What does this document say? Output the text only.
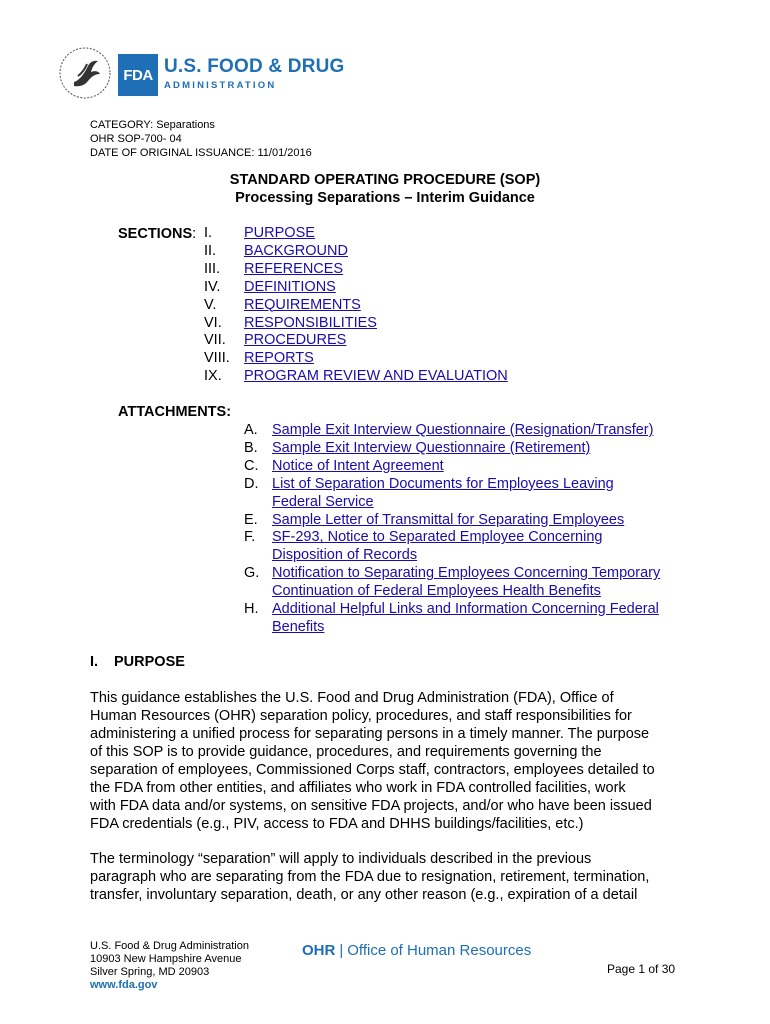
FDA U.S. FOOD & DRUG
ADMINISTRATION
CATEGORY: Separations
OHR SOP-700- 04
DATE OF ORIGINAL ISSUANCE: 11/01/2016
STANDARD OPERATING PROCEDURE (SOP)
Processing Separations – Interim Guidance
SECTIONS: I.	PURPOSE
II.	BACKGROUND
III.	REFERENCES
IV.	DEFINITIONS
V.	REQUIREMENTS
VI.	RESPONSIBILITIES
VII.	PROCEDURES
VIII. REPORTS
IX.	PROGRAM REVIEW AND EVALUATION
ATTACHMENTS:
A. Sample Exit Interview Questionnaire (Resignation/Transfer)
B. Sample Exit Interview Questionnaire (Retirement)
C. Notice of Intent Agreement
D. List of Separation Documents for Employees Leaving
Federal Service
E. Sample Letter of Transmittal for Separating Employees
F. SF-293, Notice to Separated Employee Concerning
Disposition of Records
G. Notification to Separating Employees Concerning Temporary
Continuation of Federal Employees Health Benefits
H. Additional Helpful Links and Information Concerning Federal
Benefits
I. PURPOSE
This guidance establishes the U.S. Food and Drug Administration (FDA), Office of
Human Resources (OHR) separation policy, procedures, and staff responsibilities for
administering a unified process for separating persons in a timely manner. The purpose
of this SOP is to provide guidance, procedures, and requirements governing the
separation of employees, Commissioned Corps staff, contractors, employees detailed to
the FDA from other entities, and affiliates who work in FDA controlled facilities, work
with FDA data and/or systems, on sensitive FDA projects, and/or who have been issued
FDA credentials (e.g., PIV, access to FDA and DHHS buildings/facilities, etc.)
The terminology “separation” will apply to individuals described in the previous
paragraph who are separating from the FDA due to resignation, retirement, termination,
transfer, involuntary separation, death, or any other reason (e.g., expiration of a detail
U.S. Food & Drug Administration
10903 New Hampshire Avenue
Silver Spring, MD 20903
www.fda.gov
OHR | Office of Human Resources
Page 1 of 30
